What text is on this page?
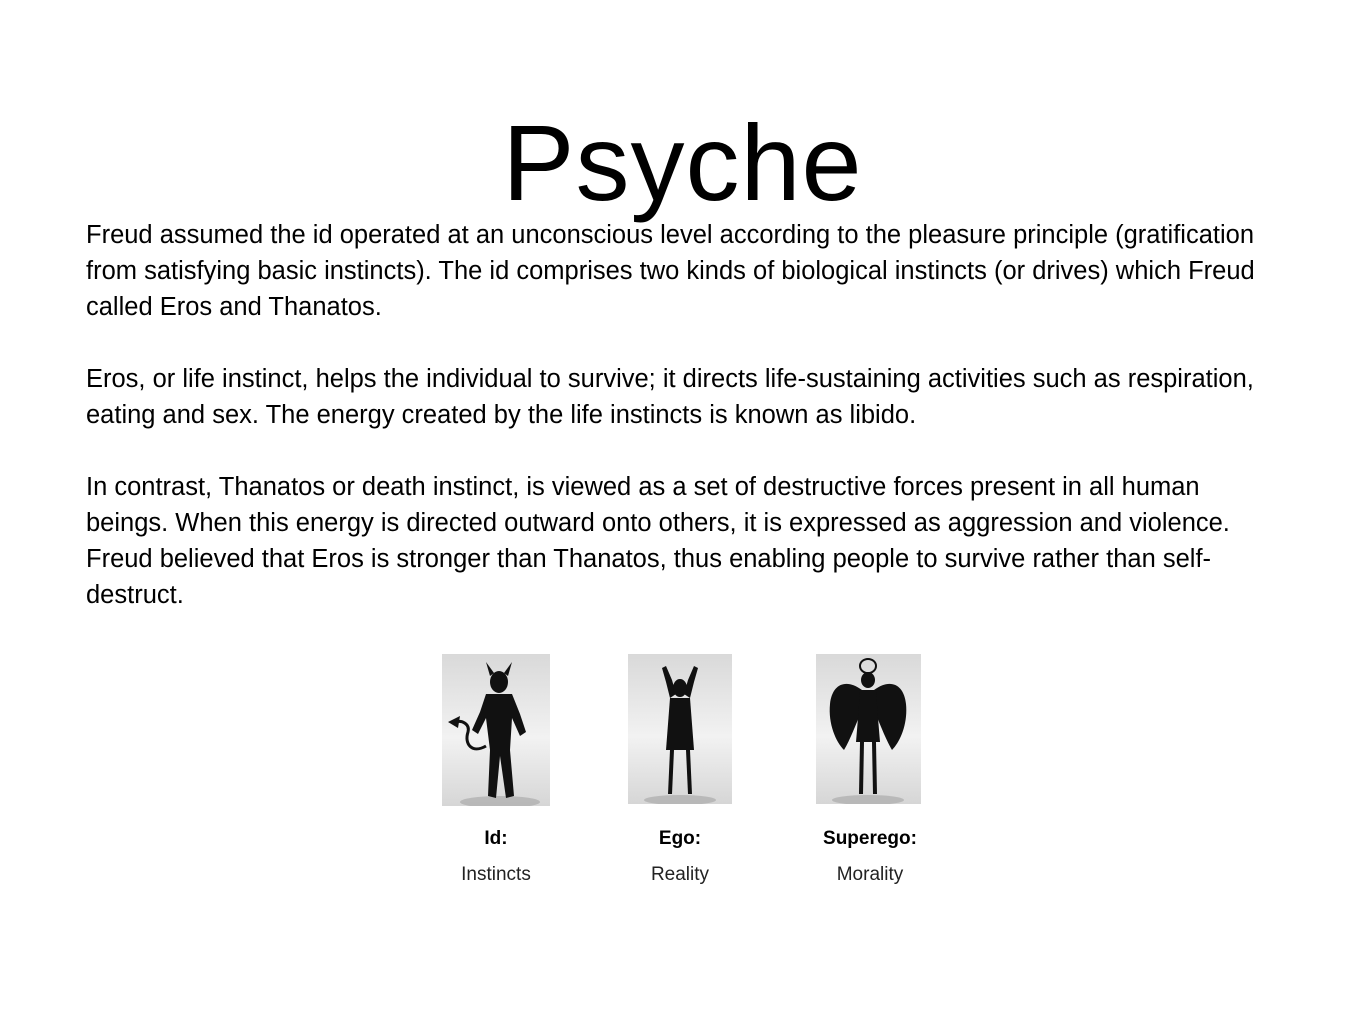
Psyche

Freud assumed the id operated at an unconscious level according to the pleasure principle (gratification from satisfying basic instincts). The id comprises two kinds of biological instincts (or drives) which Freud called Eros and Thanatos.

Eros, or life instinct, helps the individual to survive; it directs life-sustaining activities such as respiration, eating and sex. The energy created by the life instincts is known as libido.

In contrast, Thanatos or death instinct, is viewed as a set of destructive forces present in all human beings. When this energy is directed outward onto others, it is expressed as aggression and violence. Freud believed that Eros is stronger than Thanatos, thus enabling people to survive rather than self-destruct.

Id:
Instincts
Ego:
Reality
Superego:
Morality
